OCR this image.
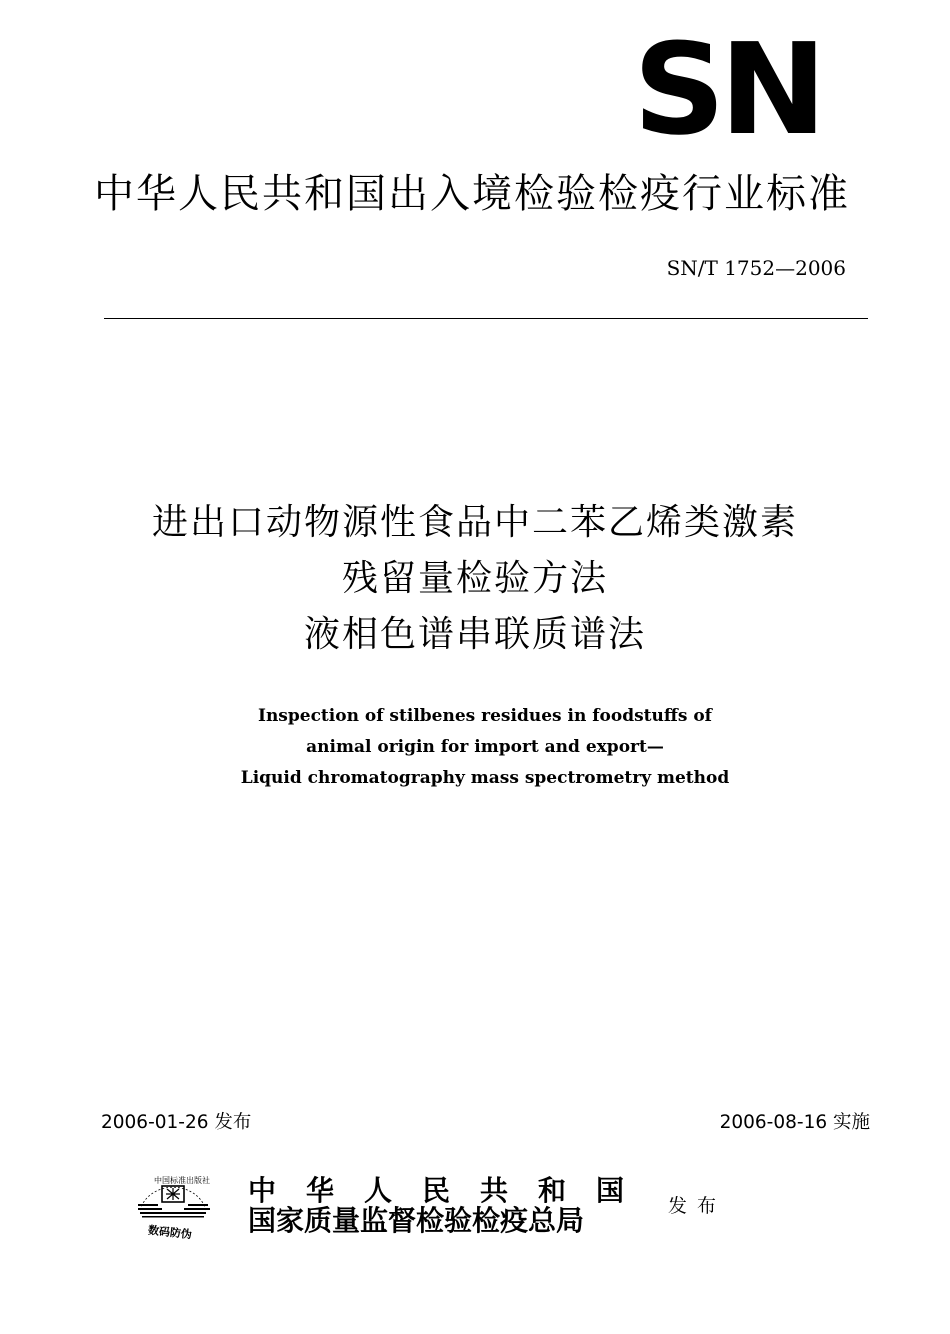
SN
中华人民共和国出入境检验检疫行业标准
SN/T 1752—2006
进出口动物源性食品中二苯乙烯类激素
残留量检验方法
液相色谱串联质谱法
Inspection of stilbenes residues in foodstuffs of
animal origin for import and export—
Liquid chromatography mass spectrometry method
2006-01-26 发布	2006-08-16 实施
中国标准出版社
数码防伪
中华人民共和国
国家质量监督检验检疫总局	发布
